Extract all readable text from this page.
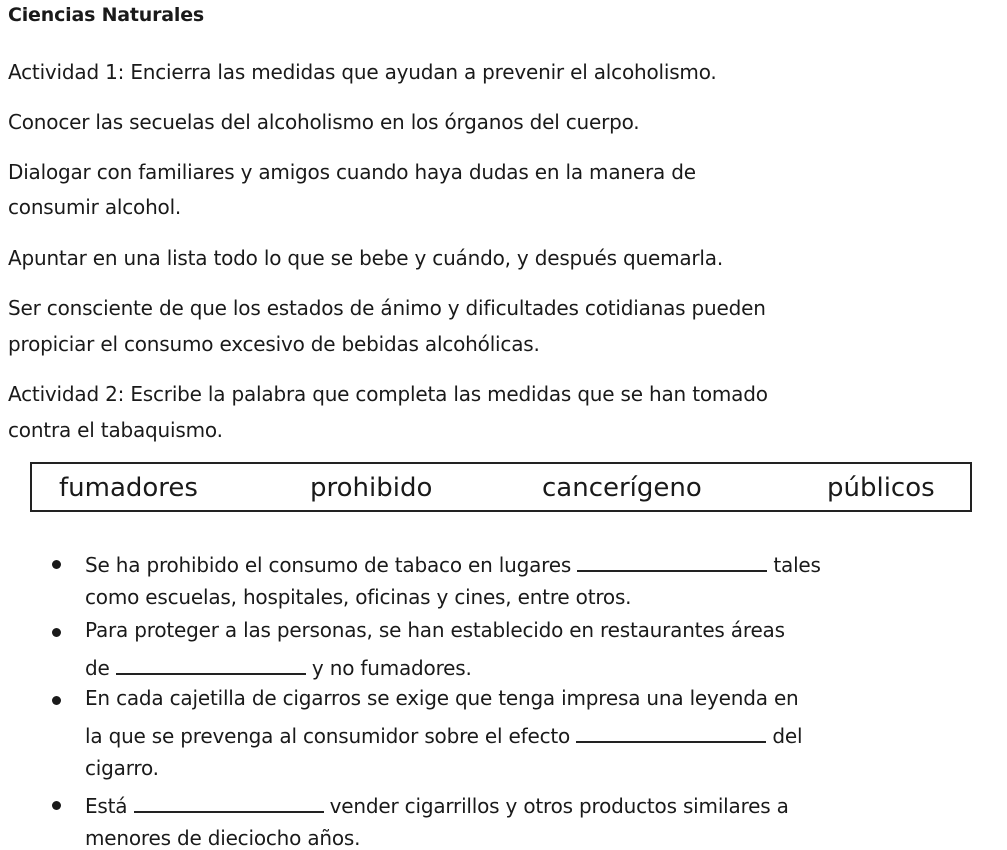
Ciencias Naturales
Actividad 1: Encierra las medidas que ayudan a prevenir el alcoholismo.
Conocer las secuelas del alcoholismo en los órganos del cuerpo.
Dialogar con familiares y amigos cuando haya dudas en la manera de
consumir alcohol.
Apuntar en una lista todo lo que se bebe y cuándo, y después quemarla.
Ser consciente de que los estados de ánimo y dificultades cotidianas pueden
propiciar el consumo excesivo de bebidas alcohólicas.
Actividad 2: Escribe la palabra que completa las medidas que se han tomado
contra el tabaquismo.
fumadores	prohibido	cancerígeno	públicos
Se ha prohibido el consumo de tabaco en lugares	tales
como escuelas, hospitales, oficinas y cines, entre otros.
Para proteger a las personas, se han establecido en restaurantes áreas
de	y no fumadores.
En cada cajetilla de cigarros se exige que tenga impresa una leyenda en
la que se prevenga al consumidor sobre el efecto	del
cigarro.
Está	vender cigarrillos y otros productos similares a
menores de dieciocho años.
